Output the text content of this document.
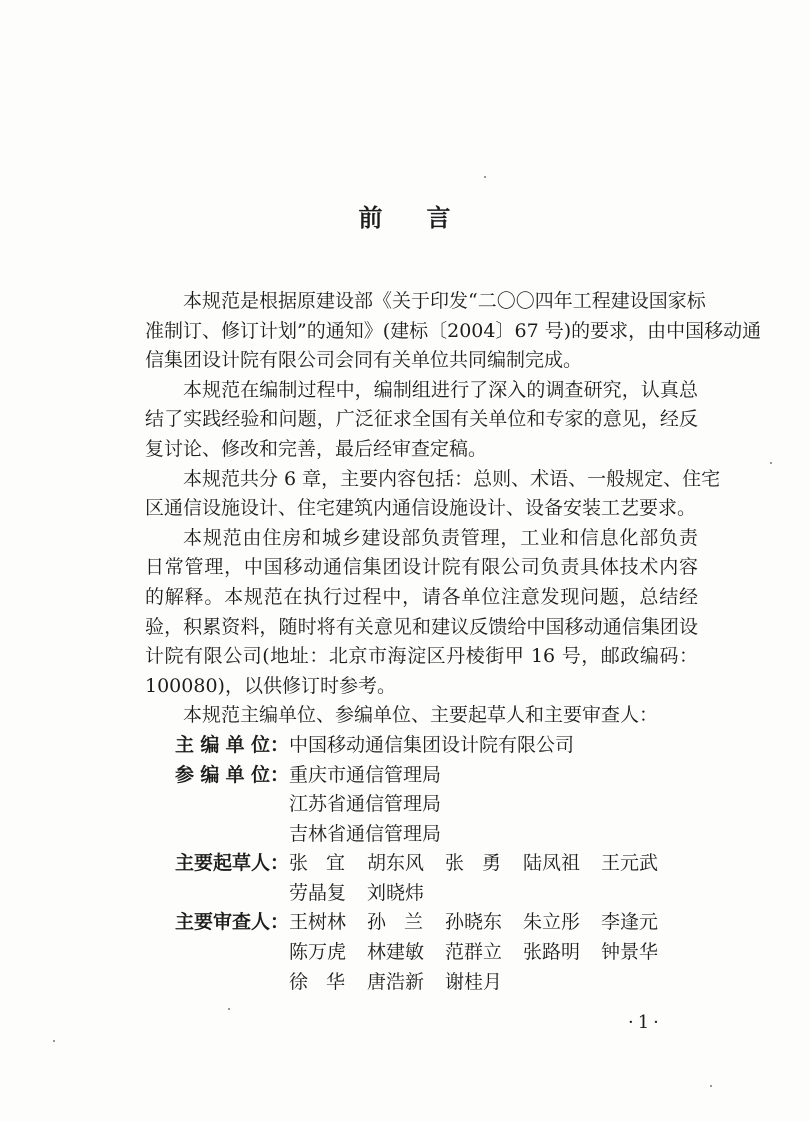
前言
本规范是根据原建设部《关于印发“二〇〇四年工程建设国家标
准制订、修订计划”的通知》(建标〔2004〕67 号)的要求，由中国移动通
信集团设计院有限公司会同有关单位共同编制完成。
本规范在编制过程中，编制组进行了深入的调查研究，认真总
结了实践经验和问题，广泛征求全国有关单位和专家的意见，经反
复讨论、修改和完善，最后经审查定稿。
本规范共分 6 章，主要内容包括：总则、术语、一般规定、住宅
区通信设施设计、住宅建筑内通信设施设计、设备安装工艺要求。
本规范由住房和城乡建设部负责管理，工业和信息化部负责
日常管理，中国移动通信集团设计院有限公司负责具体技术内容
的解释。本规范在执行过程中，请各单位注意发现问题，总结经
验，积累资料，随时将有关意见和建议反馈给中国移动通信集团设
计院有限公司(地址：北京市海淀区丹棱街甲 16 号，邮政编码：
100080)，以供修订时参考。
本规范主编单位、参编单位、主要起草人和主要审查人：
主编单位 ： 中国移动通信集团设计院有限公司
参编单位 ： 重庆市通信管理局
江苏省通信管理局
吉林省通信管理局
主要起草人 ： 张宜	胡东风	张勇	陆凤祖	王元武
劳晶复	刘晓炜
主要审查人 ： 王树林	孙兰	孙晓东	朱立彤	李逢元
陈万虎	林建敏	范群立	张路明	钟景华
徐华	唐浩新	谢桂月
·1·
